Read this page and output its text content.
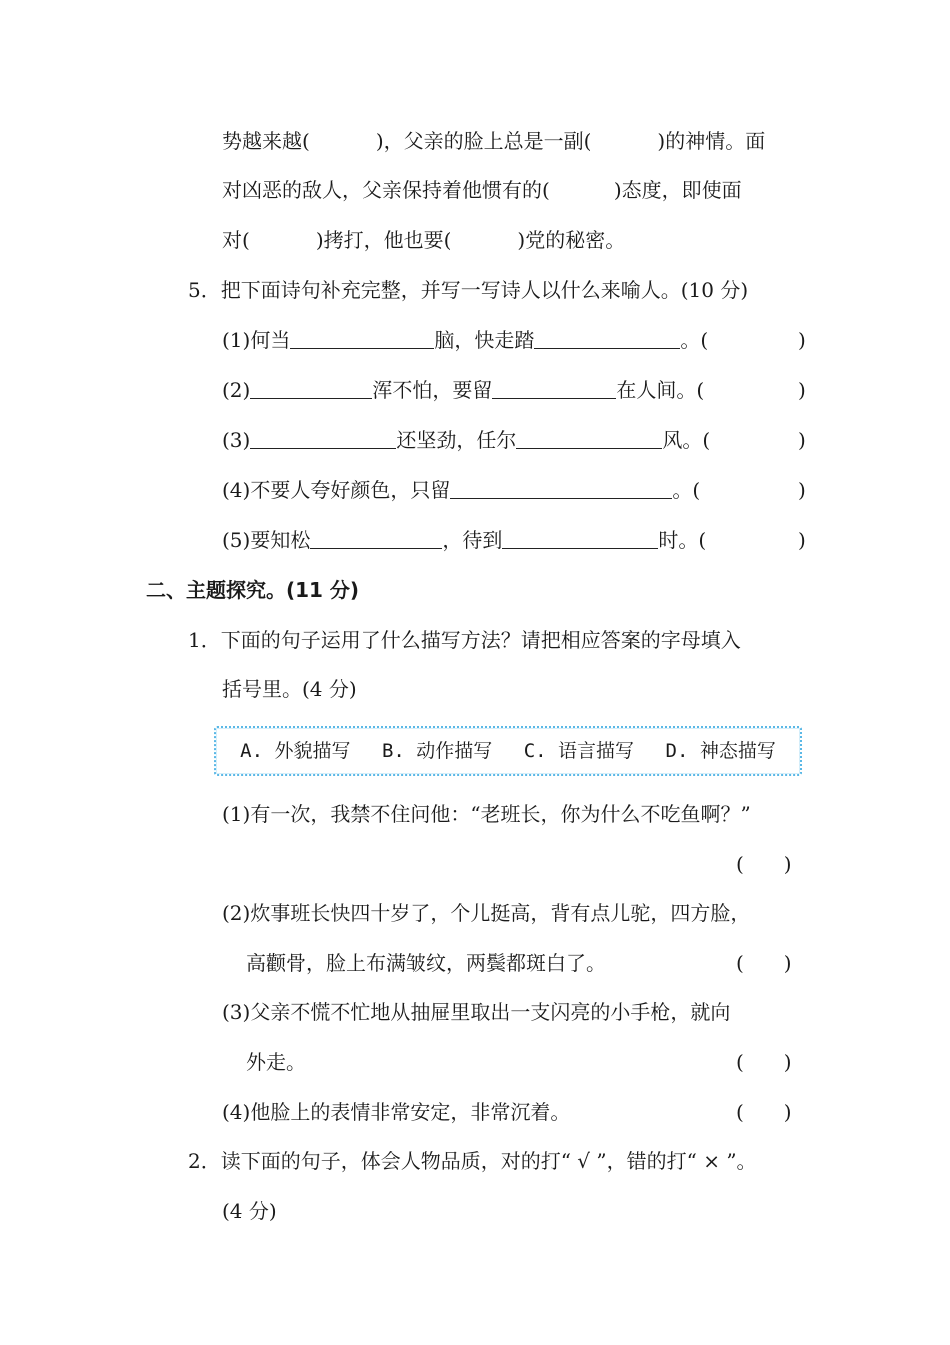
势越来越(	)，父亲的脸上总是一副(	)的神情。面
对凶恶的敌人，父亲保持着他惯有的(	)态度，即使面
对(	)拷打，他也要(	)党的秘密。
5．把下面诗句补充完整，并写一写诗人以什么来喻人。(10 分)
(1)何当	脑，快走踏	。(	)
(2)	浑不怕，要留	在人间。(	)
(3)	还坚劲，任尔	风。(	)
(4)不要人夸好颜色，只留	。(	)
(5)要知松	，待到	时。(	)
二、主题探究。(11 分)
1．下面的句子运用了什么描写方法？请把相应答案的字母填入
括号里。(4 分)
A. 外貌描写 B. 动作描写 C. 语言描写 D. 神态描写
(1)有一次，我禁不住问他：“老班长，你为什么不吃鱼啊？”
(　　)
(2)炊事班长快四十岁了，个儿挺高，背有点儿驼，四方脸，
高颧骨，脸上布满皱纹，两鬓都斑白了。	(　　)
(3)父亲不慌不忙地从抽屉里取出一支闪亮的小手枪，就向
外走。	(　　)
(4)他脸上的表情非常安定，非常沉着。	(　　)
2．读下面的句子，体会人物品质，对的打“ √ ”，错的打“ × ”。
(4 分)
